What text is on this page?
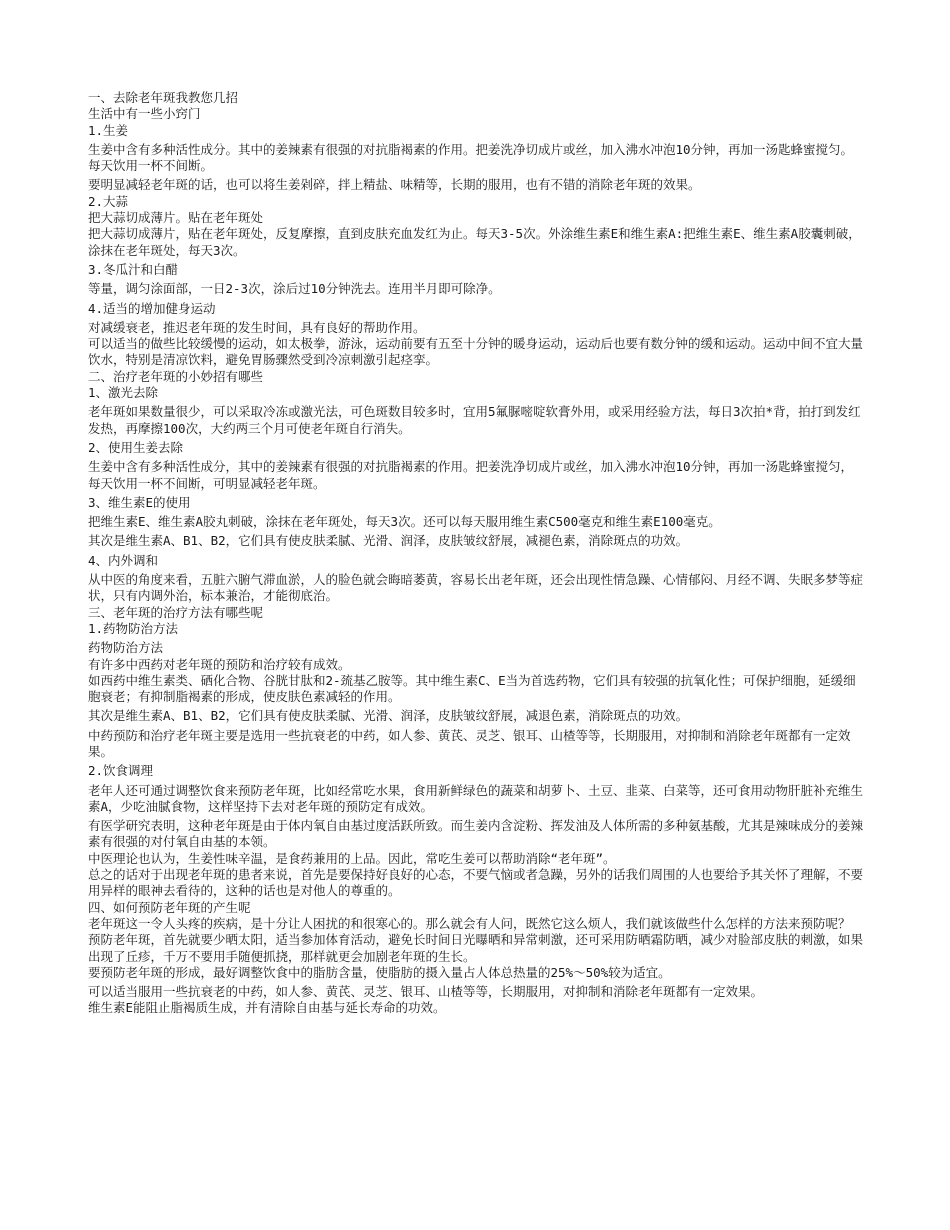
一、去除老年斑我教您几招

生活中有一些小窍门

1.生姜

生姜中含有多种活性成分。其中的姜辣素有很强的对抗脂褐素的作用。把姜洗净切成片或丝，加入沸水冲泡10分钟，再加一汤匙蜂蜜搅匀。每天饮用一杯不间断。

要明显减轻老年斑的话，也可以将生姜剁碎，拌上精盐、味精等，长期的服用，也有不错的消除老年斑的效果。

2.大蒜

把大蒜切成薄片。贴在老年斑处

把大蒜切成薄片，贴在老年斑处，反复摩擦，直到皮肤充血发红为止。每天3-5次。外涂维生素E和维生素A:把维生素E、维生素A胶囊刺破，涂抹在老年斑处，每天3次。

3.冬瓜汁和白醋

等量，调匀涂面部，一日2-3次，涂后过10分钟洗去。连用半月即可除净。

4.适当的增加健身运动

对减缓衰老，推迟老年斑的发生时间，具有良好的帮助作用。

可以适当的做些比较缓慢的运动，如太极拳，游泳，运动前要有五至十分钟的暖身运动，运动后也要有数分钟的缓和运动。运动中间不宜大量饮水，特别是清凉饮料，避免胃肠骤然受到冷凉刺激引起痉挛。

二、治疗老年斑的小妙招有哪些

1、激光去除

老年斑如果数量很少，可以采取冷冻或激光法，可色斑数目较多时，宜用5氟脲嘧啶软膏外用，或采用经验方法，每日3次拍*背，拍打到发红发热，再摩擦100次，大约两三个月可使老年斑自行消失。

2、使用生姜去除

生姜中含有多种活性成分，其中的姜辣素有很强的对抗脂褐素的作用。把姜洗净切成片或丝，加入沸水冲泡10分钟，再加一汤匙蜂蜜搅匀，每天饮用一杯不间断，可明显减轻老年斑。

3、维生素E的使用

把维生素E、维生素A胶丸刺破，涂抹在老年斑处，每天3次。还可以每天服用维生素C500毫克和维生素E100毫克。

其次是维生素A、B1、B2，它们具有使皮肤柔腻、光滑、润泽，皮肤皱纹舒展，减褪色素，消除斑点的功效。

4、内外调和

从中医的角度来看，五脏六腑气滞血淤，人的脸色就会晦暗萎黄，容易长出老年斑，还会出现性情急躁、心情郁闷、月经不调、失眠多梦等症状，只有内调外治，标本兼治，才能彻底治。

三、老年斑的治疗方法有哪些呢

1.药物防治方法

药物防治方法

有许多中西药对老年斑的预防和治疗较有成效。

如西药中维生素类、硒化合物、谷胱甘肽和2-巯基乙胺等。其中维生素C、E当为首选药物，它们具有较强的抗氧化性；可保护细胞，延缓细胞衰老；有抑制脂褐素的形成，使皮肤色素减轻的作用。

其次是维生素A、B1、B2，它们具有使皮肤柔腻、光滑、润泽，皮肤皱纹舒展，减退色素，消除斑点的功效。

中药预防和治疗老年斑主要是选用一些抗衰老的中药，如人参、黄芪、灵芝、银耳、山楂等等，长期服用，对抑制和消除老年斑都有一定效果。

2.饮食调理

老年人还可通过调整饮食来预防老年斑，比如经常吃水果，食用新鲜绿色的蔬菜和胡萝卜、土豆、韭菜、白菜等，还可食用动物肝脏补充维生素A，少吃油腻食物，这样坚持下去对老年斑的预防定有成效。

有医学研究表明，这种老年斑是由于体内氧自由基过度活跃所致。而生姜内含淀粉、挥发油及人体所需的多种氨基酸，尤其是辣味成分的姜辣素有很强的对付氧自由基的本领。

中医理论也认为，生姜性味辛温，是食药兼用的上品。因此，常吃生姜可以帮助消除“老年斑”。

总之的话对于出现老年斑的患者来说，首先是要保持好良好的心态，不要气恼或者急躁，另外的话我们周围的人也要给予其关怀了理解，不要用异样的眼神去看待的，这种的话也是对他人的尊重的。

四、如何预防老年斑的产生呢

老年斑这一令人头疼的疾病，是十分让人困扰的和很寒心的。那么就会有人问，既然它这么烦人，我们就该做些什么怎样的方法来预防呢？

预防老年斑，首先就要少晒太阳，适当参加体育活动，避免长时间日光曝晒和异常刺激，还可采用防晒霜防晒，减少对脸部皮肤的刺激，如果出现了丘疹，千万不要用手随便抓挠，那样就更会加剧老年斑的生长。

要预防老年斑的形成，最好调整饮食中的脂肪含量，使脂肪的摄入量占人体总热量的25%～50%较为适宜。

可以适当服用一些抗衰老的中药，如人参、黄芪、灵芝、银耳、山楂等等，长期服用，对抑制和消除老年斑都有一定效果。

维生素E能阻止脂褐质生成，并有清除自由基与延长寿命的功效。
